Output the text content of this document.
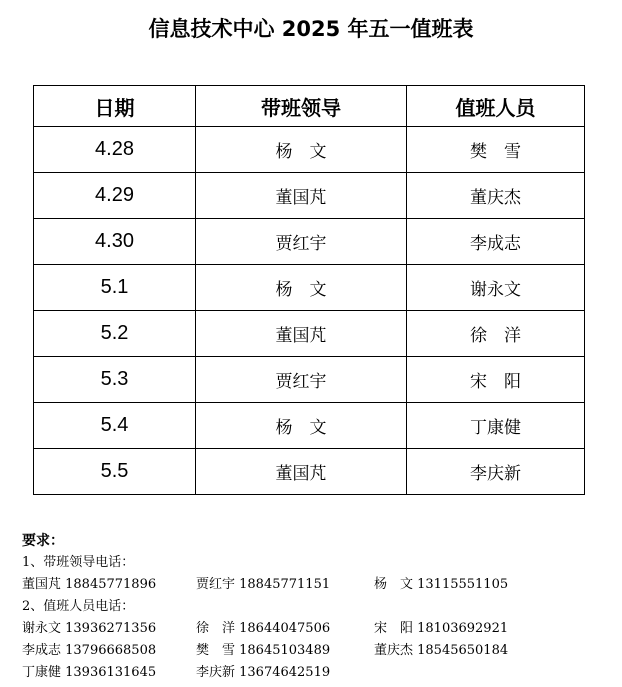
信息技术中心 2025 年五一值班表
日期	带班领导	值班人员
4.28	杨　文	樊　雪
4.29	董国芃	董庆杰
4.30	贾红宇	李成志
5.1	杨　文	谢永文
5.2	董国芃	徐　洋
5.3	贾红宇	宋　阳
5.4	杨　文	丁康健
5.5	董国芃	李庆新
要求：
1、带班领导电话：
董国芃 18845771896	贾红宇 18845771151	杨　文 13115551105
2、值班人员电话：
谢永文 13936271356	徐　洋 18644047506	宋　阳 18103692921
李成志 13796668508	樊　雪 18645103489	董庆杰 18545650184
丁康健 13936131645	李庆新 13674642519
